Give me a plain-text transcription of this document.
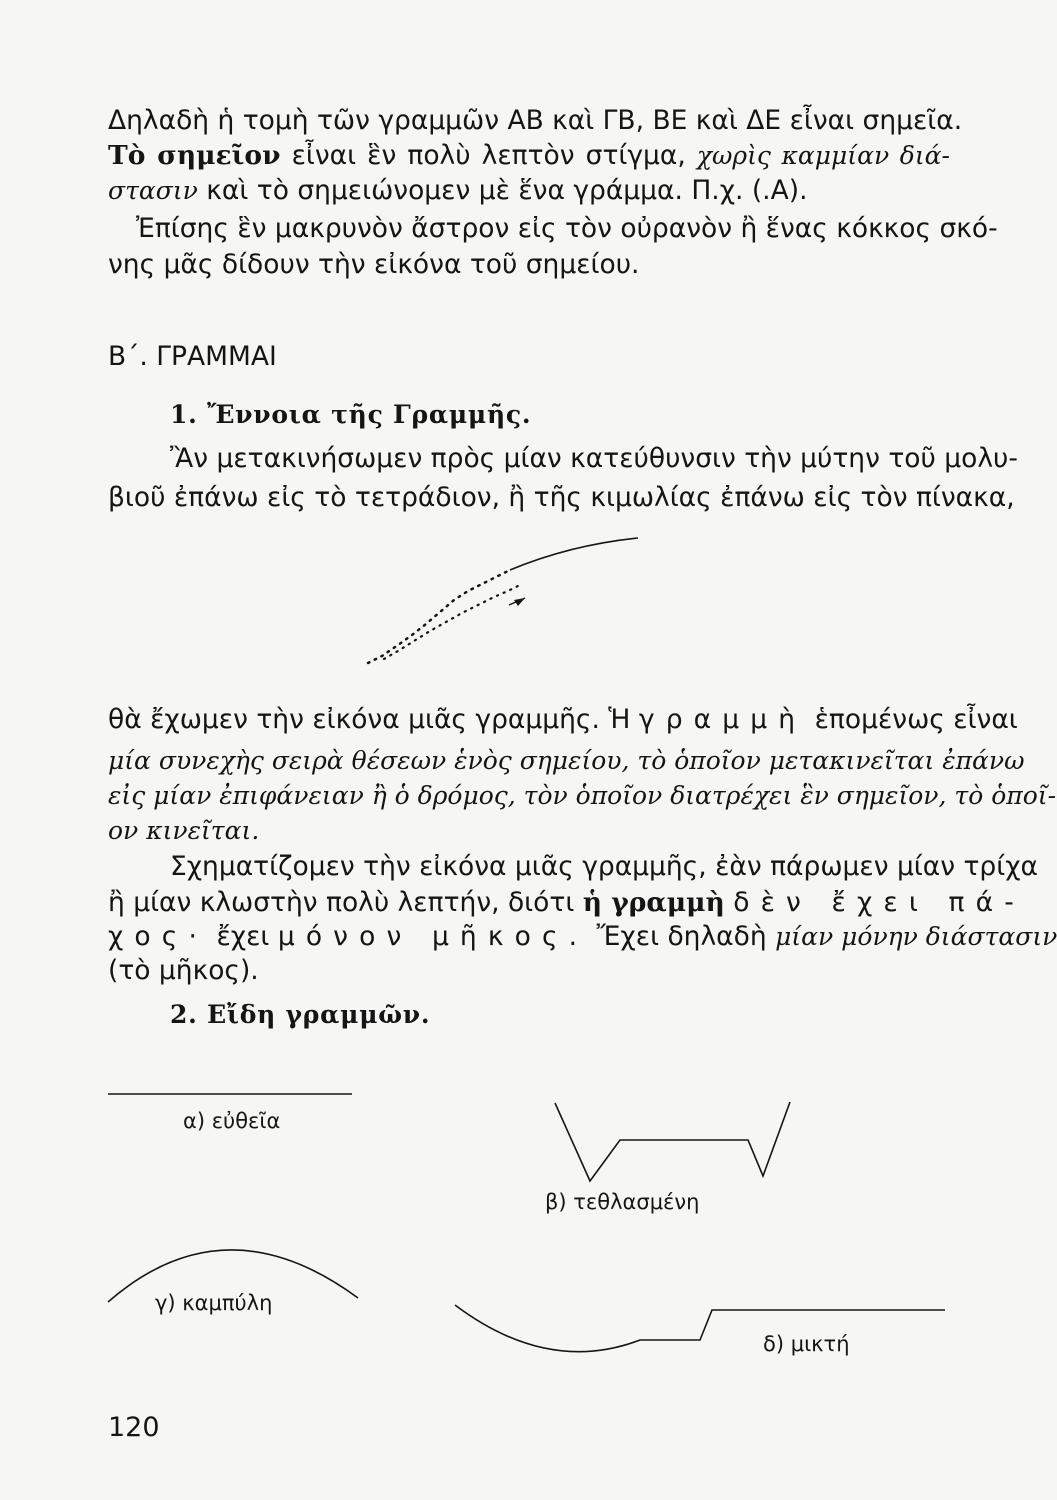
Δηλαδὴ ἡ τομὴ τῶν γραμμῶν ΑΒ καὶ ΓΒ, ΒΕ καὶ ΔΕ εἶναι σημεῖα.
Τὸ σημεῖον εἶναι ἓν πολὺ λεπτὸν στίγμα, χωρὶς καμμίαν διά-
στασιν καὶ τὸ σημειώνομεν μὲ ἕνα γράμμα. Π.χ. (.Α).
Ἐπίσης ἓν μακρυνὸν ἄστρον εἰς τὸν οὐρανὸν ἢ ἕνας κόκκος σκό-
νης μᾶς δίδουν τὴν εἰκόνα τοῦ σημείου.
Β΄. ΓΡΑΜΜΑΙ
1. Ἔννοια τῆς Γραμμῆς.
Ἂν μετακινήσωμεν πρὸς μίαν κατεύθυνσιν τὴν μύτην τοῦ μολυ-
βιοῦ ἐπάνω εἰς τὸ τετράδιον, ἢ τῆς κιμωλίας ἐπάνω εἰς τὸν πίνακα,
θὰ ἔχωμεν τὴν εἰκόνα μιᾶς γραμμῆς. Ἡ γραμμὴ ἑπομένως εἶναι
μία συνεχὴς σειρὰ θέσεων ἑνὸς σημείου, τὸ ὁποῖον μετακινεῖται ἐπάνω
εἰς μίαν ἐπιφάνειαν ἢ ὁ δρόμος, τὸν ὁποῖον διατρέχει ἓν σημεῖον, τὸ ὁποῖ-
ον κινεῖται.
Σχηματίζομεν τὴν εἰκόνα μιᾶς γραμμῆς, ἐὰν πάρωμεν μίαν τρίχα
ἢ μίαν κλωστὴν πολὺ λεπτήν, διότι ἡ γραμμὴ δὲν ἔχει πά-
χος· ἔχει μόνον μῆκος. Ἔχει δηλαδὴ μίαν μόνην διάστασιν
(τὸ μῆκος).
2. Εἴδη γραμμῶν.
α) εὐθεῖα
β) τεθλασμένη
γ) καμπύλη
δ) μικτή
120
